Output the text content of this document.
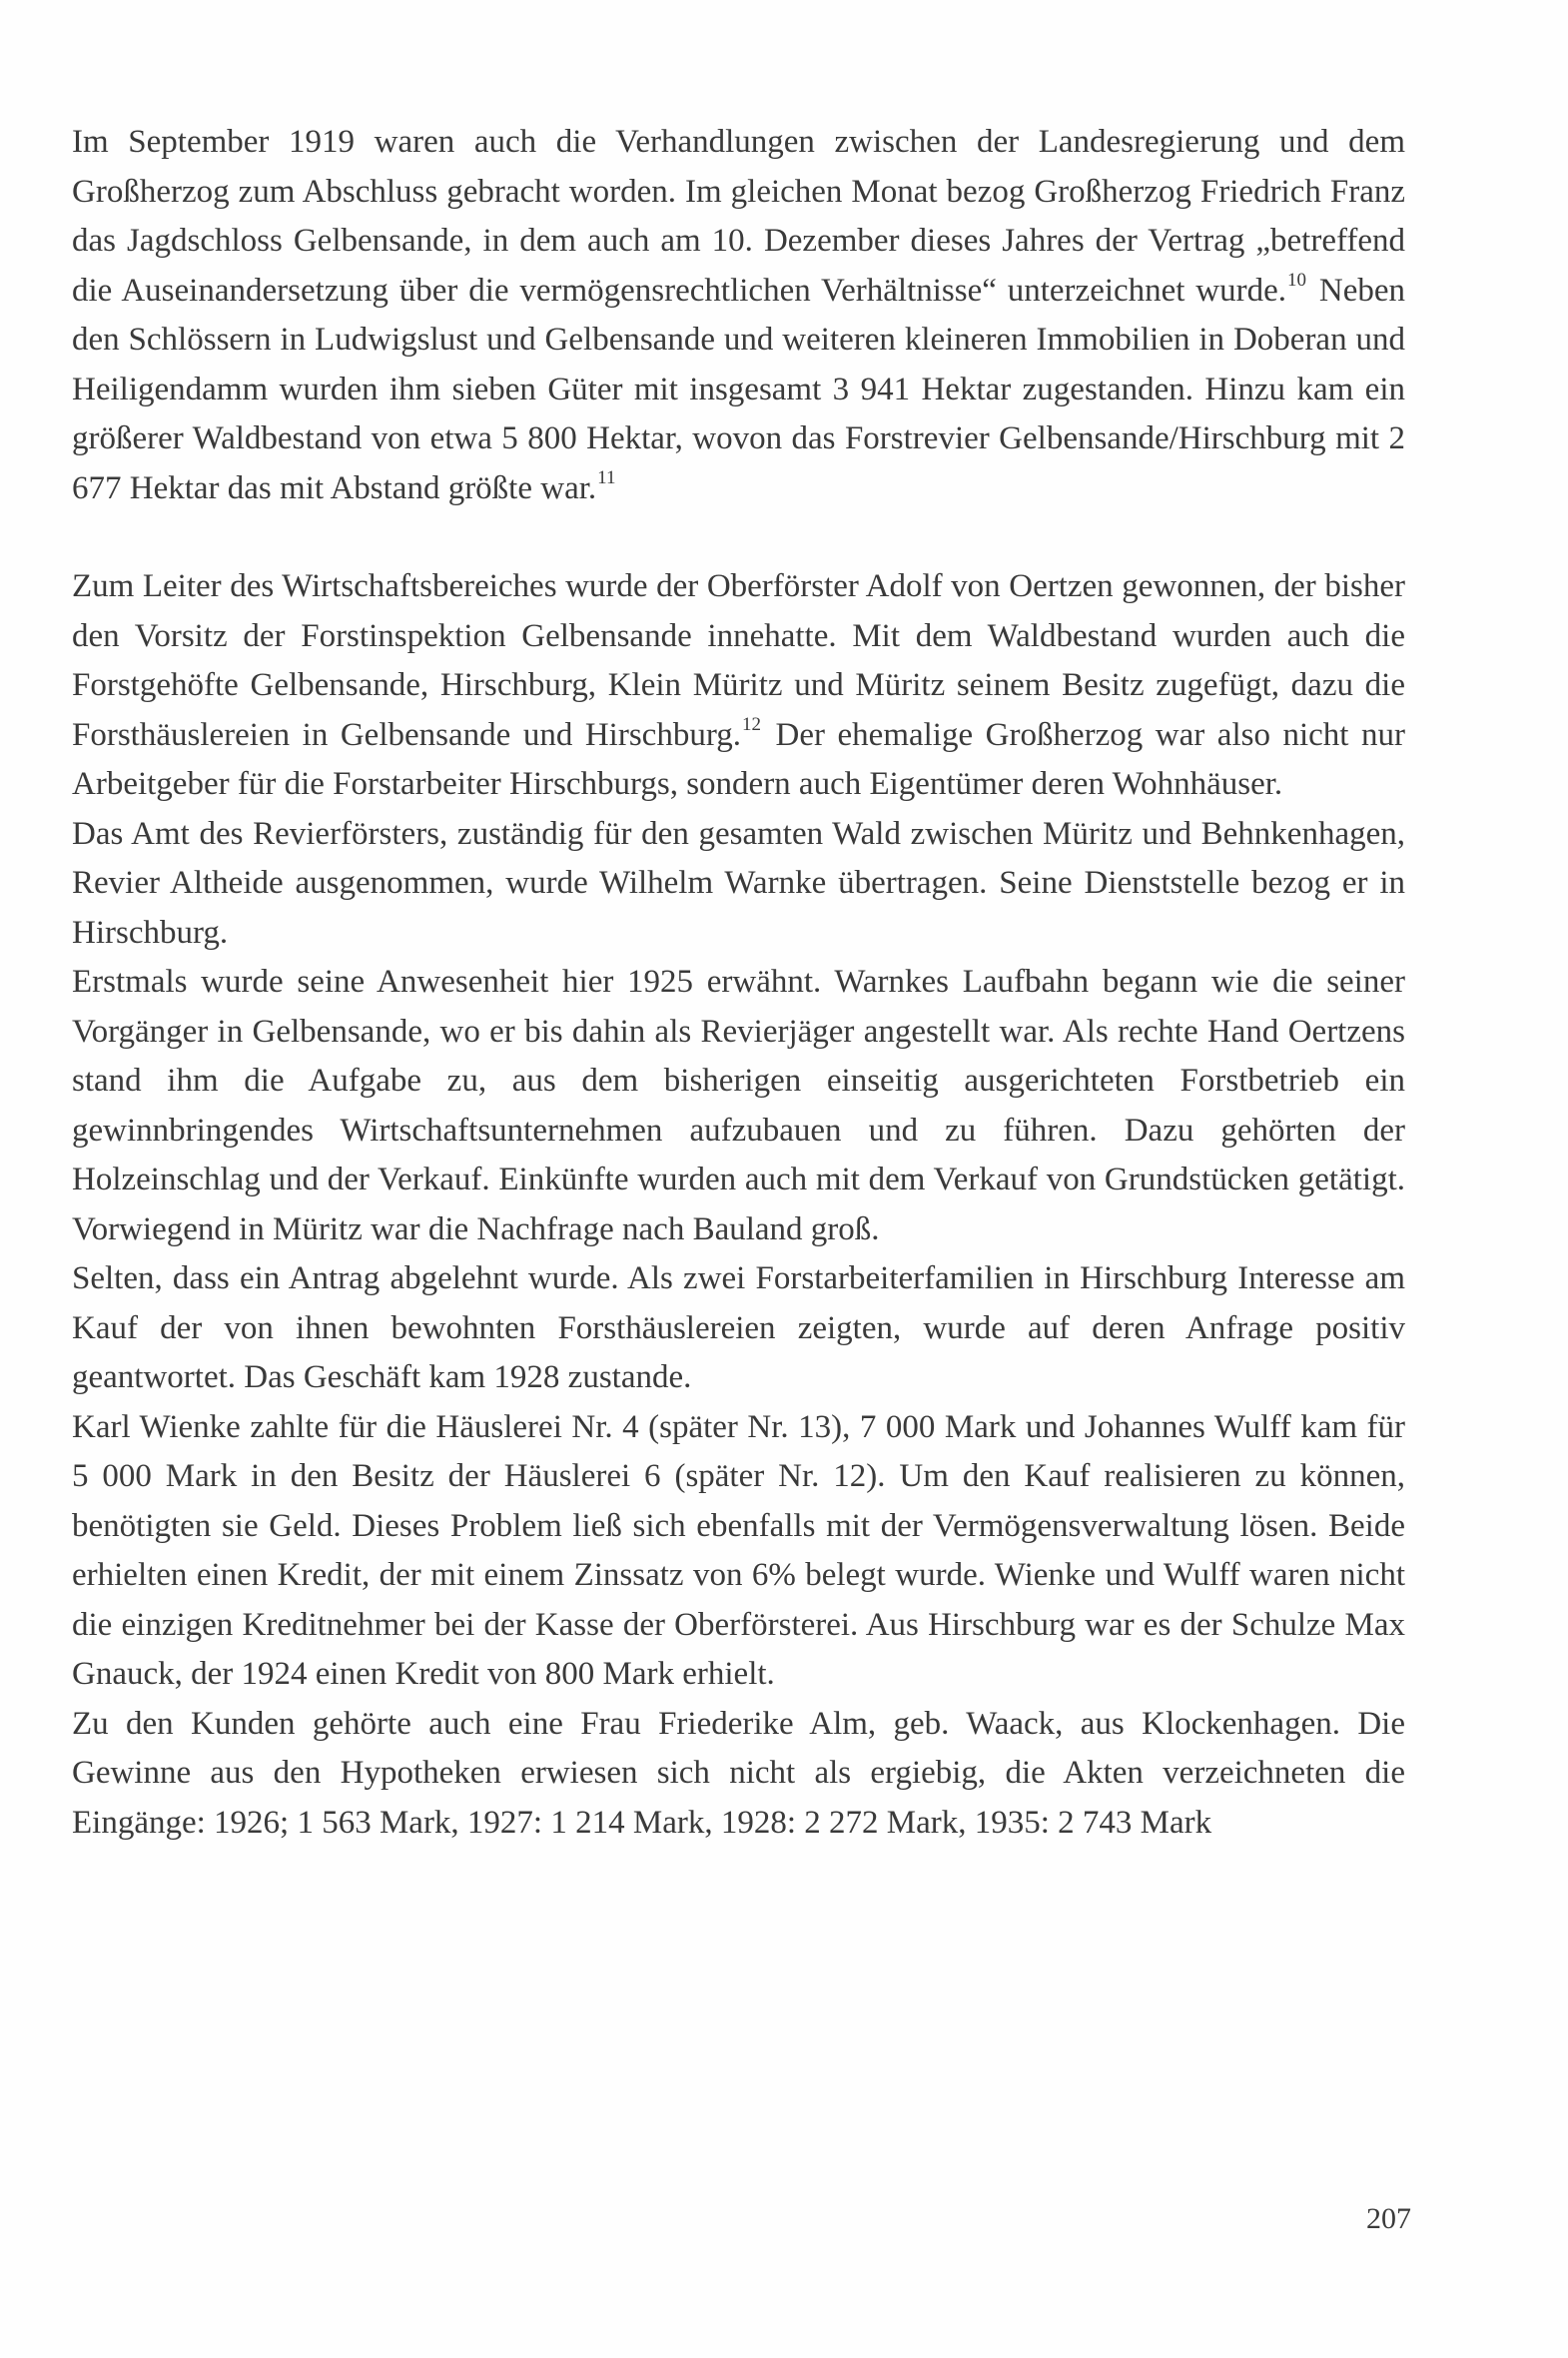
Im September 1919 waren auch die Verhandlungen zwischen der Landesregierung und dem Großherzog zum Abschluss gebracht worden. Im gleichen Monat bezog Großherzog Friedrich Franz das Jagdschloss Gelbensande, in dem auch am 10. Dezember dieses Jahres der Vertrag „betreffend die Auseinandersetzung über die vermögensrechtlichen Verhältnisse“ unterzeichnet wurde.$^{10}$ Neben den Schlössern in Ludwigslust und Gelbensande und weiteren kleineren Immobilien in Doberan und Heiligendamm wurden ihm sieben Güter mit insgesamt 3 941 Hektar zugestanden. Hinzu kam ein größerer Waldbestand von etwa 5 800 Hektar, wovon das Forstrevier Gelbensande/Hirschburg mit 2 677 Hektar das mit Abstand größte war.$^{11}$

Zum Leiter des Wirtschaftsbereiches wurde der Oberförster Adolf von Oertzen gewonnen, der bisher den Vorsitz der Forstinspektion Gelbensande innehatte. Mit dem Waldbestand wurden auch die Forstgehöfte Gelbensande, Hirschburg, Klein Müritz und Müritz seinem Besitz zugefügt, dazu die Forsthäuslereien in Gelbensande und Hirschburg.$^{12}$ Der ehemalige Großherzog war also nicht nur Arbeitgeber für die Forstarbeiter Hirschburgs, sondern auch Eigentümer deren Wohnhäuser.

Das Amt des Revierförsters, zuständig für den gesamten Wald zwischen Müritz und Behnkenhagen, Revier Altheide ausgenommen, wurde Wilhelm Warnke übertragen. Seine Dienststelle bezog er in Hirschburg.

Erstmals wurde seine Anwesenheit hier 1925 erwähnt. Warnkes Laufbahn begann wie die seiner Vorgänger in Gelbensande, wo er bis dahin als Revierjäger angestellt war. Als rechte Hand Oertzens stand ihm die Aufgabe zu, aus dem bisherigen einseitig ausgerichteten Forstbetrieb ein gewinnbringendes Wirtschaftsunternehmen aufzubauen und zu führen. Dazu gehörten der Holzeinschlag und der Verkauf. Einkünfte wurden auch mit dem Verkauf von Grundstücken getätigt. Vorwiegend in Müritz war die Nachfrage nach Bauland groß.

Selten, dass ein Antrag abgelehnt wurde. Als zwei Forstarbeiterfamilien in Hirschburg Interesse am Kauf der von ihnen bewohnten Forsthäuslereien zeigten, wurde auf deren Anfrage positiv geantwortet. Das Geschäft kam 1928 zustande.

Karl Wienke zahlte für die Häuslerei Nr. 4 (später Nr. 13), 7 000 Mark und Johannes Wulff kam für 5 000 Mark in den Besitz der Häuslerei 6 (später Nr. 12). Um den Kauf realisieren zu können, benötigten sie Geld. Dieses Problem ließ sich ebenfalls mit der Vermögensverwaltung lösen. Beide erhielten einen Kredit, der mit einem Zinssatz von 6% belegt wurde. Wienke und Wulff waren nicht die einzigen Kreditnehmer bei der Kasse der Oberförsterei. Aus Hirschburg war es der Schulze Max Gnauck, der 1924 einen Kredit von 800 Mark erhielt.

Zu den Kunden gehörte auch eine Frau Friederike Alm, geb. Waack, aus Klockenhagen. Die Gewinne aus den Hypotheken erwiesen sich nicht als ergiebig, die Akten verzeichneten die Eingänge: 1926; 1 563 Mark, 1927: 1 214 Mark, 1928: 2 272 Mark, 1935: 2 743 Mark

207
